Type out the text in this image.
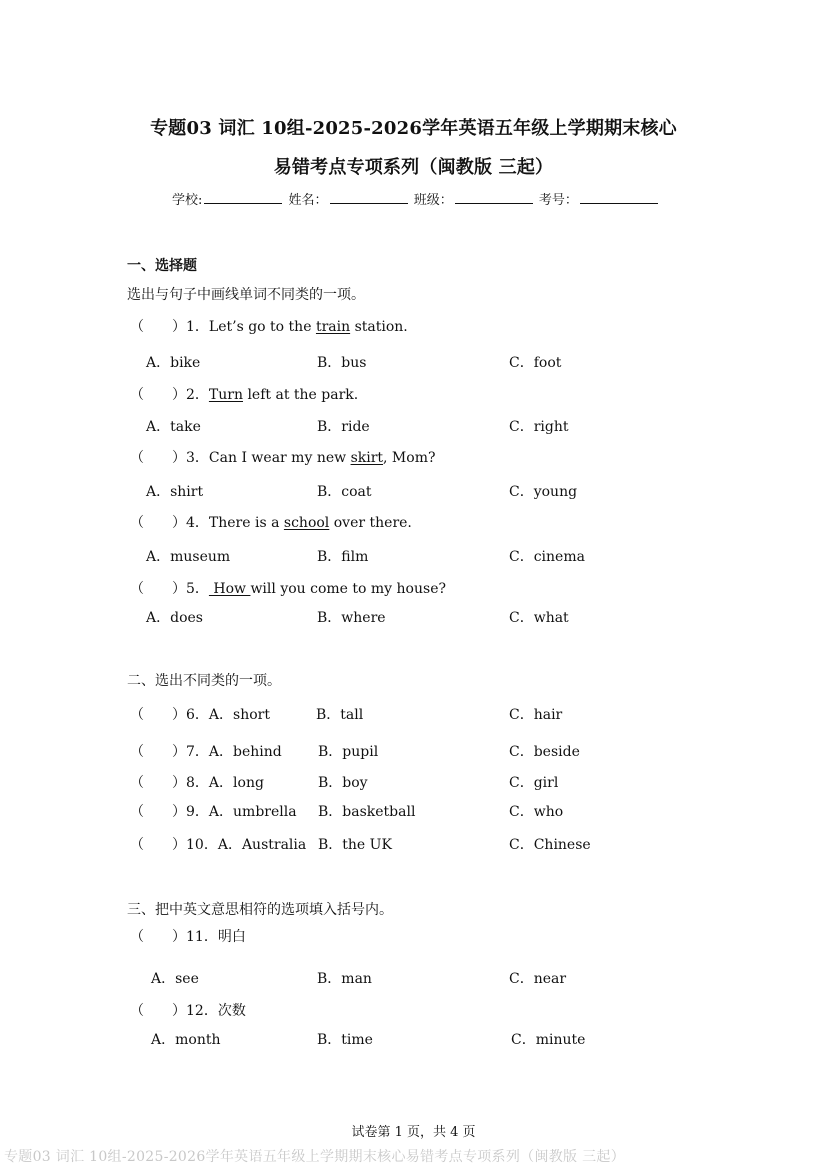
专题03 词汇 10组-2025-2026学年英语五年级上学期期末核心
易错考点专项系列（闽教版 三起）
学校:	姓名：	班级：	考号：
一、选择题
选出与句子中画线单词不同类的一项。
（　　）1．Let’s go to the train station.
A．bike	B．bus	C．foot
（　　）2．Turn left at the park.
A．take	B．ride	C．right
（　　）3．Can I wear my new skirt, Mom?
A．shirt	B．coat	C．young
（　　）4．There is a school over there.
A．museum	B．film	C．cinema
（　　）5． How will you come to my house?
A．does	B．where	C．what
二、选出不同类的一项。
（　　）6．A．short	B．tall	C．hair
（　　）7．A．behind	B．pupil	C．beside
（　　）8．A．long	B．boy	C．girl
（　　）9．A．umbrella B．basketball	C．who
（　　）10．A．Australia B．the UK	C．Chinese
三、把中英文意思相符的选项填入括号内。
（　　）11．明白
A．see	B．man	C．near
（　　）12．次数
A．month	B．time	C．minute
试卷第 1 页，共 4 页
专题03 词汇 10组-2025-2026学年英语五年级上学期期末核心易错考点专项系列（闽教版 三起）
